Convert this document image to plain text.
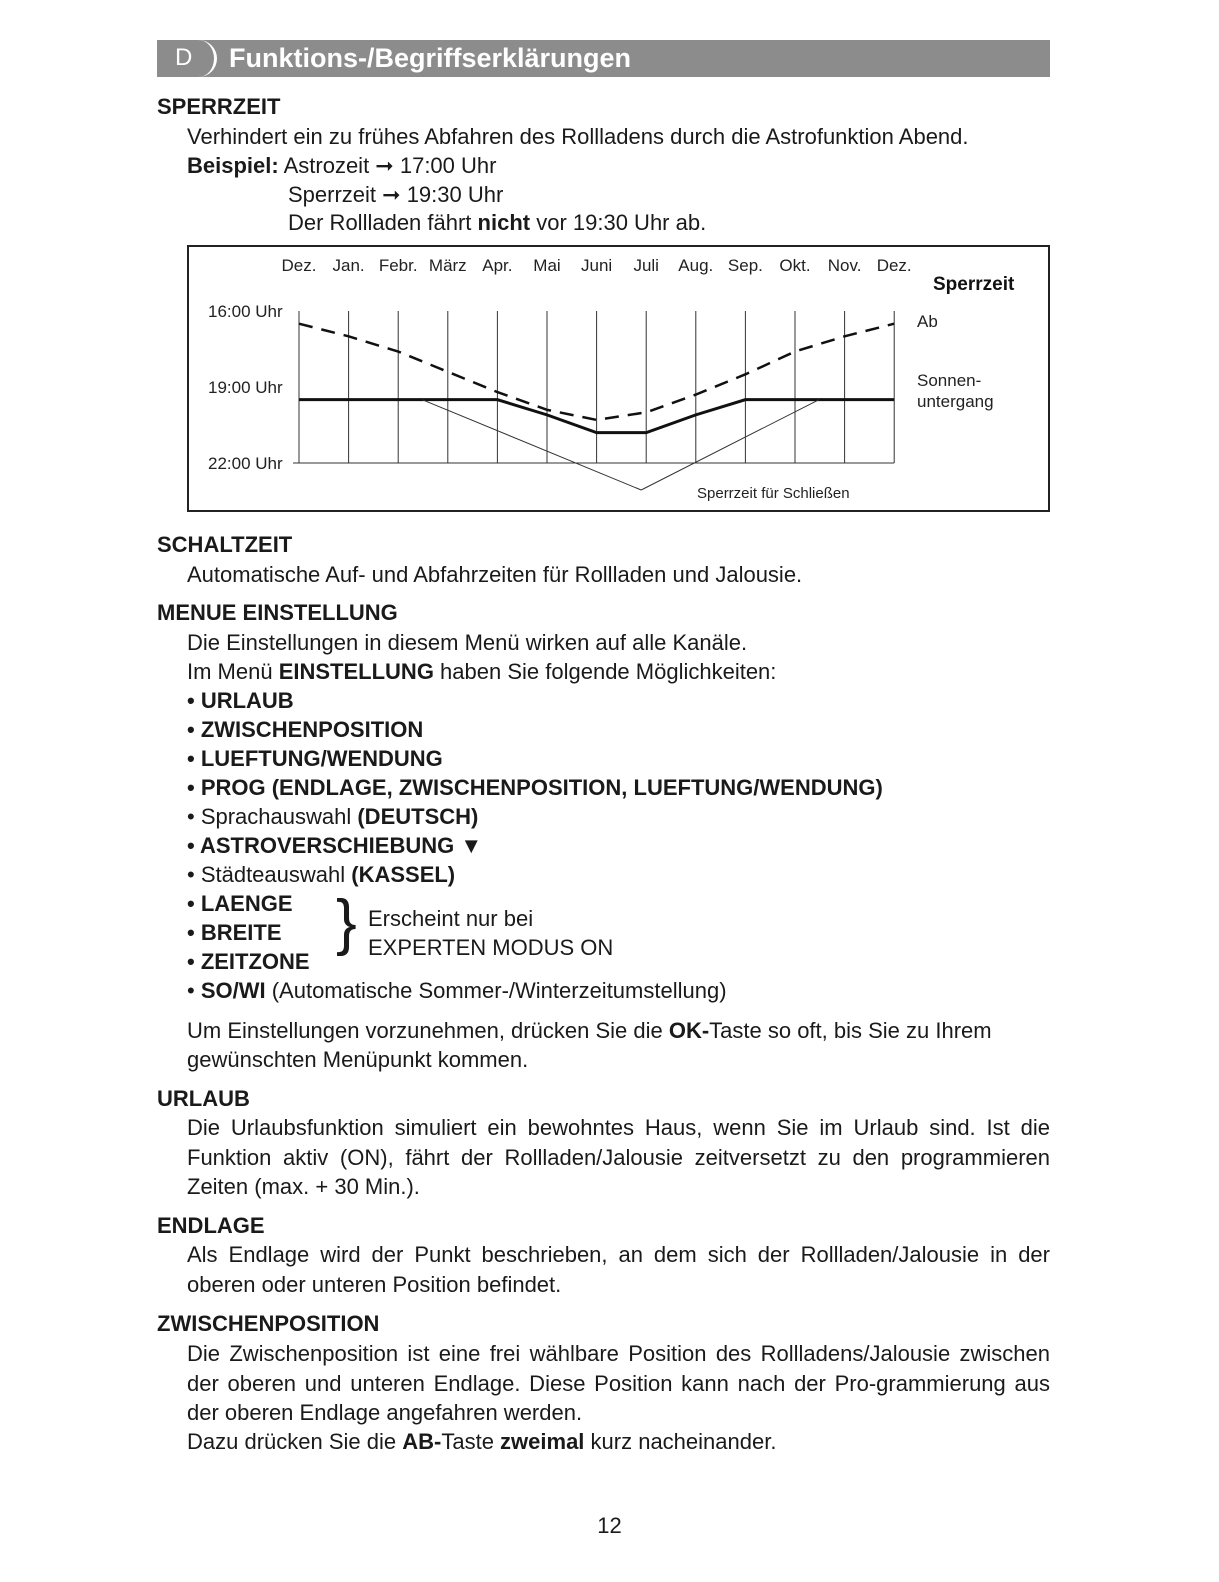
D Funktions-/Begriffserklärungen
SPERRZEIT
Verhindert ein zu frühes Abfahren des Rollladens durch die Astrofunktion Abend.
Beispiel: Astrozeit ➞ 17:00 Uhr
Sperrzeit ➞ 19:30 Uhr
Der Rollladen fährt nicht vor 19:30 Uhr ab.
Dez. Jan. Febr. März Apr. Mai Juni Juli Aug. Sep. Okt. Nov. Dez.
16:00 Uhr
19:00 Uhr
22:00 Uhr
Sperrzeit für Schließen
Sperrzeit
Ab
Sonnen-
untergang
SCHALTZEIT
Automatische Auf- und Abfahrzeiten für Rollladen und Jalousie.
MENUE EINSTELLUNG
Die Einstellungen in diesem Menü wirken auf alle Kanäle.
Im Menü EINSTELLUNG haben Sie folgende Möglichkeiten:
• URLAUB
• ZWISCHENPOSITION
• LUEFTUNG/WENDUNG
• PROG (ENDLAGE, ZWISCHENPOSITION, LUEFTUNG/WENDUNG)
• Sprachauswahl (DEUTSCH)
• ASTROVERSCHIEBUNG ▼
• Städteauswahl (KASSEL)
• LAENGE
• BREITE
• ZEITZONE
} Erscheint nur bei
EXPERTEN MODUS ON
• SO/WI (Automatische Sommer-/Winterzeitumstellung)
Um Einstellungen vorzunehmen, drücken Sie die OK-Taste so oft, bis Sie zu Ihrem
gewünschten Menüpunkt kommen.
URLAUB
Die Urlaubsfunktion simuliert ein bewohntes Haus, wenn Sie im Urlaub sind. Ist die Funktion aktiv (ON), fährt der Rollladen/Jalousie zeitversetzt zu den programmieren Zeiten (max. + 30 Min.).
ENDLAGE
Als Endlage wird der Punkt beschrieben, an dem sich der Rollladen/Jalousie in der oberen oder unteren Position befindet.
ZWISCHENPOSITION
Die Zwischenposition ist eine frei wählbare Position des Rollladens/Jalousie zwischen der oberen und unteren Endlage. Diese Position kann nach der Pro-grammierung aus der oberen Endlage angefahren werden.
Dazu drücken Sie die AB-Taste zweimal kurz nacheinander.
12
